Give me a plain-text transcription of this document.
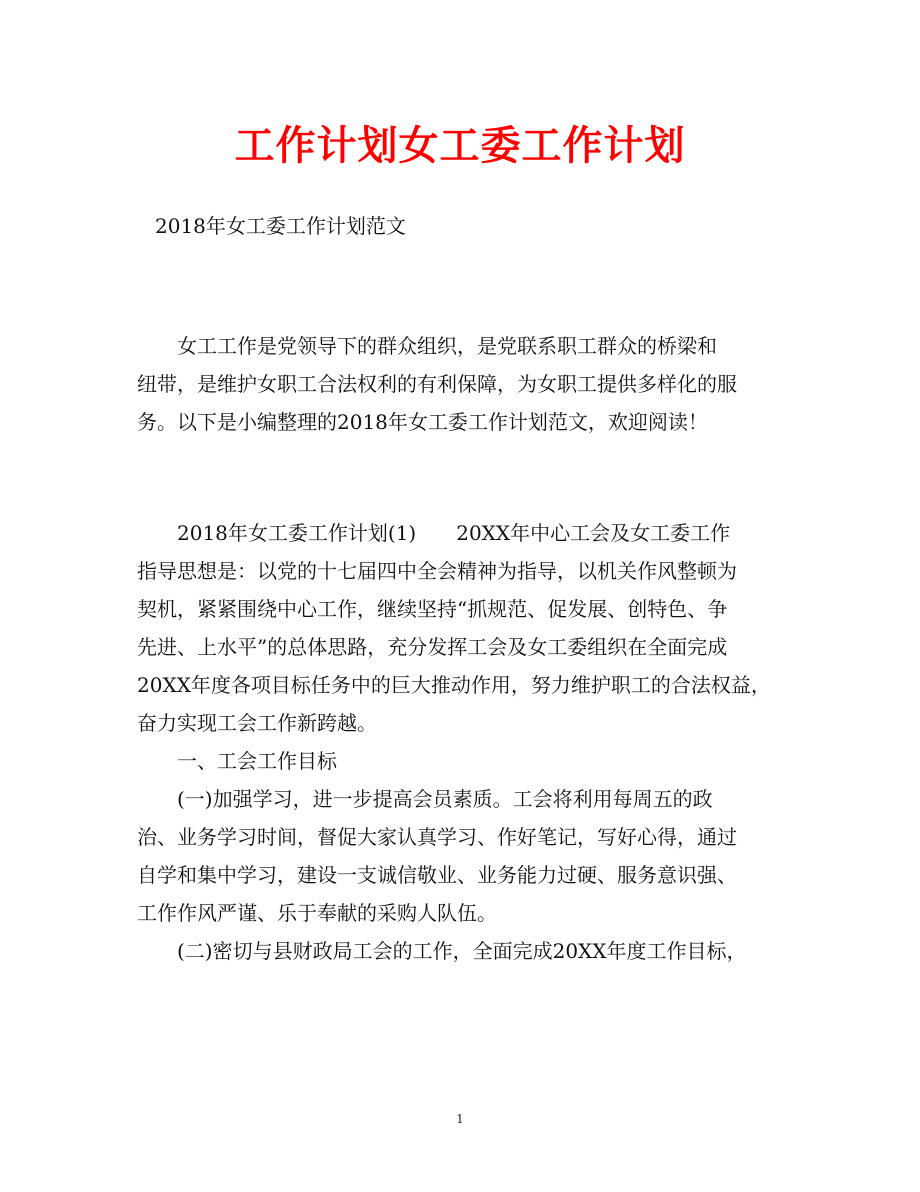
工作计划女工委工作计划
2018年女工委工作计划范文
　　女工工作是党领导下的群众组织，是党联系职工群众的桥梁和
纽带，是维护女职工合法权利的有利保障，为女职工提供多样化的服
务。以下是小编整理的2018年女工委工作计划范文，欢迎阅读！
　　2018年女工委工作计划(1)　　20XX年中心工会及女工委工作
指导思想是：以党的十七届四中全会精神为指导，以机关作风整顿为
契机，紧紧围绕中心工作，继续坚持“抓规范、促发展、创特色、争
先进、上水平”的总体思路，充分发挥工会及女工委组织在全面完成
20XX年度各项目标任务中的巨大推动作用，努力维护职工的合法权益，
奋力实现工会工作新跨越。
　　一、工会工作目标
　　(一)加强学习，进一步提高会员素质。工会将利用每周五的政
治、业务学习时间，督促大家认真学习、作好笔记，写好心得，通过
自学和集中学习，建设一支诚信敬业、业务能力过硬、服务意识强、
工作作风严谨、乐于奉献的采购人队伍。
　　(二)密切与县财政局工会的工作，全面完成20XX年度工作目标，
1
